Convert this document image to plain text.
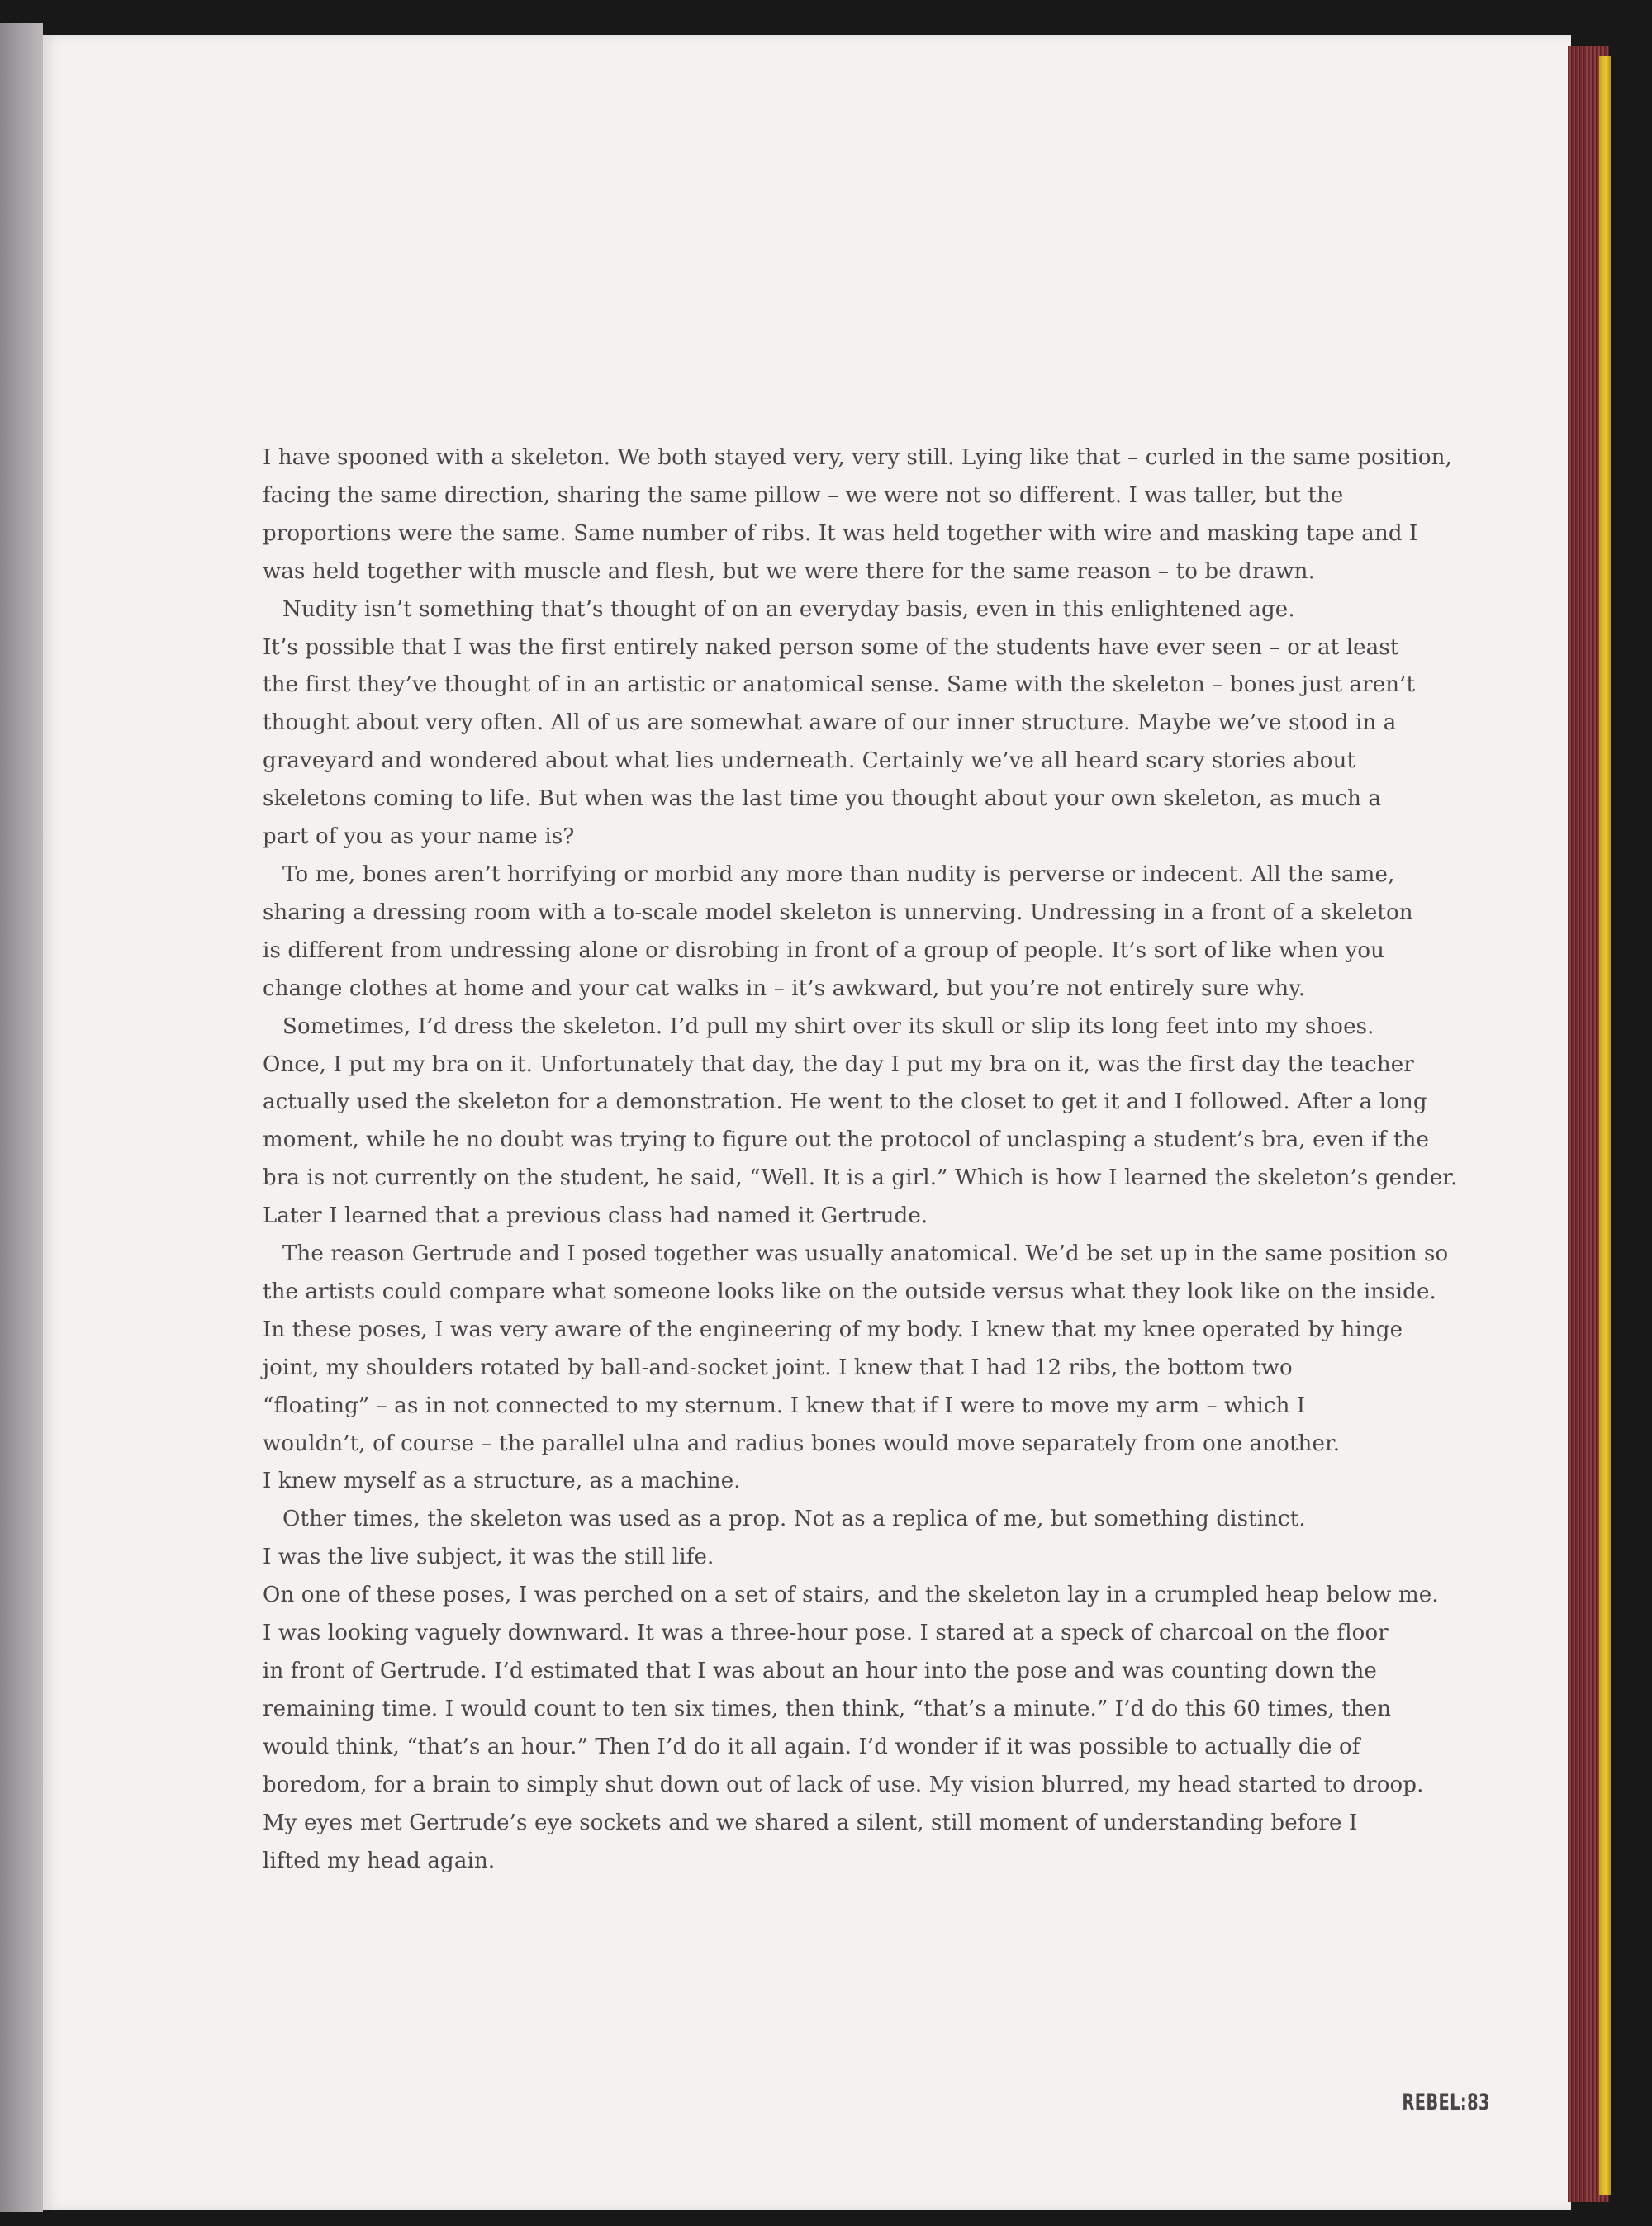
I have spooned with a skeleton. We both stayed very, very still. Lying like that – curled in the same position,
facing the same direction, sharing the same pillow – we were not so different. I was taller, but the
proportions were the same. Same number of ribs. It was held together with wire and masking tape and I
was held together with muscle and flesh, but we were there for the same reason – to be drawn.
Nudity isn’t something that’s thought of on an everyday basis, even in this enlightened age.
It’s possible that I was the first entirely naked person some of the students have ever seen – or at least
the first they’ve thought of in an artistic or anatomical sense. Same with the skeleton – bones just aren’t
thought about very often. All of us are somewhat aware of our inner structure. Maybe we’ve stood in a
graveyard and wondered about what lies underneath. Certainly we’ve all heard scary stories about
skeletons coming to life. But when was the last time you thought about your own skeleton, as much a
part of you as your name is?
To me, bones aren’t horrifying or morbid any more than nudity is perverse or indecent. All the same,
sharing a dressing room with a to-scale model skeleton is unnerving. Undressing in a front of a skeleton
is different from undressing alone or disrobing in front of a group of people. It’s sort of like when you
change clothes at home and your cat walks in – it’s awkward, but you’re not entirely sure why.
Sometimes, I’d dress the skeleton. I’d pull my shirt over its skull or slip its long feet into my shoes.
Once, I put my bra on it. Unfortunately that day, the day I put my bra on it, was the first day the teacher
actually used the skeleton for a demonstration. He went to the closet to get it and I followed. After a long
moment, while he no doubt was trying to figure out the protocol of unclasping a student’s bra, even if the
bra is not currently on the student, he said, “Well. It is a girl.” Which is how I learned the skeleton’s gender.
Later I learned that a previous class had named it Gertrude.
The reason Gertrude and I posed together was usually anatomical. We’d be set up in the same position so
the artists could compare what someone looks like on the outside versus what they look like on the inside.
In these poses, I was very aware of the engineering of my body. I knew that my knee operated by hinge
joint, my shoulders rotated by ball-and-socket joint. I knew that I had 12 ribs, the bottom two
“floating” – as in not connected to my sternum. I knew that if I were to move my arm – which I
wouldn’t, of course – the parallel ulna and radius bones would move separately from one another.
I knew myself as a structure, as a machine.
Other times, the skeleton was used as a prop. Not as a replica of me, but something distinct.
I was the live subject, it was the still life.
On one of these poses, I was perched on a set of stairs, and the skeleton lay in a crumpled heap below me.
I was looking vaguely downward. It was a three-hour pose. I stared at a speck of charcoal on the floor
in front of Gertrude. I’d estimated that I was about an hour into the pose and was counting down the
remaining time. I would count to ten six times, then think, “that’s a minute.” I’d do this 60 times, then
would think, “that’s an hour.” Then I’d do it all again. I’d wonder if it was possible to actually die of
boredom, for a brain to simply shut down out of lack of use. My vision blurred, my head started to droop.
My eyes met Gertrude’s eye sockets and we shared a silent, still moment of understanding before I
lifted my head again.
REBEL:83
